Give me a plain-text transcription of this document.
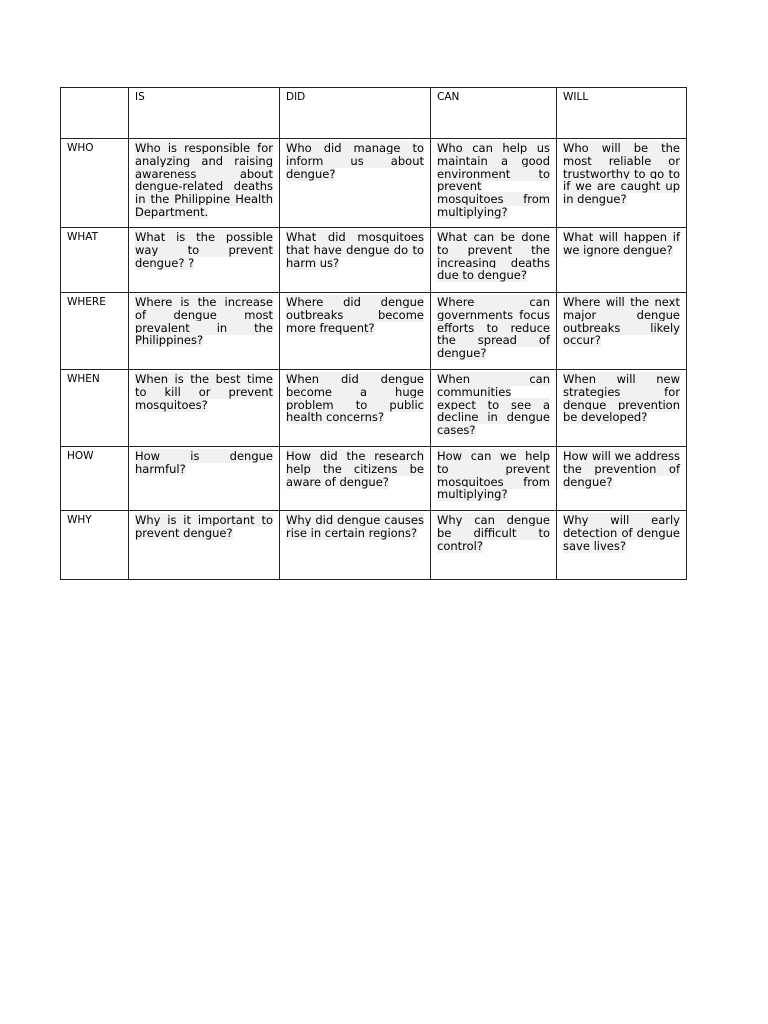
	IS	DID	CAN	WILL
WHO	Who is responsible for analyzing and raising awareness about dengue-related deaths in the Philippine Health Department.	Who did manage to inform us about dengue?	Who can help us maintain a good environment to prevent mosquitoes from multiplying?	Who will be the most reliable or trustworthy to go to if we are caught up in dengue?
WHAT	What is the possible way to prevent dengue? ?	What did mosquitoes that have dengue do to harm us?	What can be done to prevent the increasing deaths due to dengue?	What will happen if we ignore dengue?
WHERE	Where is the increase of dengue most prevalent in the Philippines?	Where did dengue outbreaks become more frequent?	Where can governments focus efforts to reduce the spread of dengue?	Where will the next major dengue outbreaks likely occur?
WHEN	When is the best time to kill or prevent mosquitoes?	When did dengue become a huge problem to public health concerns?	When can communities expect to see a decline in dengue cases?	When will new strategies for dengue prevention be developed?
HOW	How is dengue harmful?	How did the research help the citizens be aware of dengue?	How can we help to prevent mosquitoes from multiplying?	How will we address the prevention of dengue?
WHY	Why is it important to prevent dengue?	Why did dengue causes rise in certain regions?	Why can dengue be difficult to control?	Why will early detection of dengue save lives?
